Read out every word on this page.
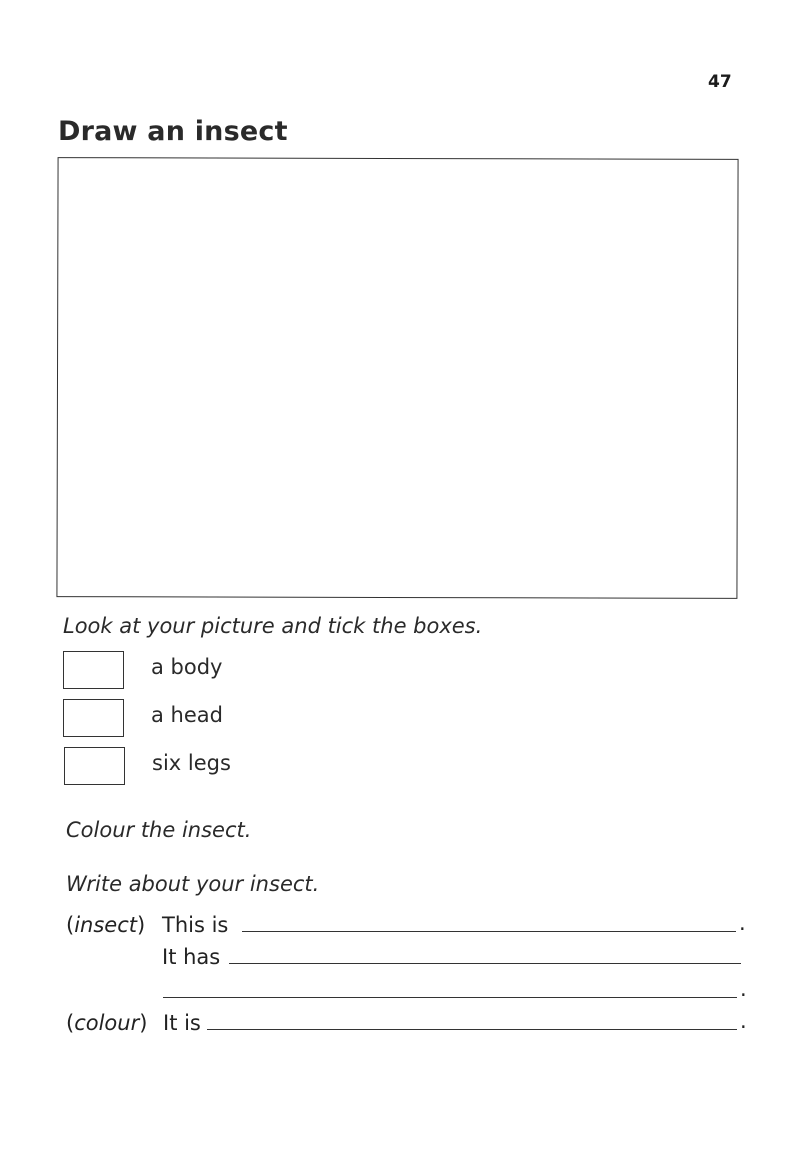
47
Draw an insect
Look at your picture and tick the boxes.
a body
a head
six legs
Colour the insect.
Write about your insect.
(insect) This is	.
It has
.
(colour) It is	.
